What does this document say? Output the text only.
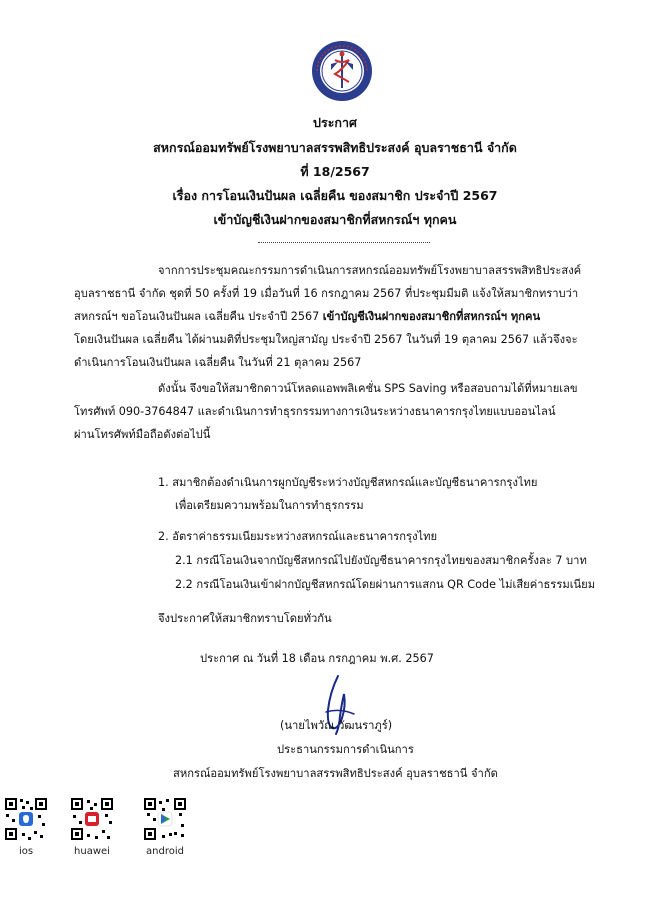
ประกาศ
สหกรณ์ออมทรัพย์โรงพยาบาลสรรพสิทธิประสงค์ อุบลราชธานี จำกัด
ที่ 18/2567
เรื่อง การโอนเงินปันผล เฉลี่ยคืน ของสมาชิก ประจำปี 2567
เข้าบัญชีเงินฝากของสมาชิกที่สหกรณ์ฯ ทุกคน
จากการประชุมคณะกรรมการดำเนินการสหกรณ์ออมทรัพย์โรงพยาบาลสรรพสิทธิประสงค์
อุบลราชธานี จำกัด ชุดที่ 50 ครั้งที่ 19 เมื่อวันที่ 16 กรกฎาคม 2567 ที่ประชุมมีมติ แจ้งให้สมาชิกทราบว่า
สหกรณ์ฯ ขอโอนเงินปันผล เฉลี่ยคืน ประจำปี 2567 เข้าบัญชีเงินฝากของสมาชิกที่สหกรณ์ฯ ทุกคน
โดยเงินปันผล เฉลี่ยคืน ได้ผ่านมติที่ประชุมใหญ่สามัญ ประจำปี 2567 ในวันที่ 19 ตุลาคม 2567 แล้วจึงจะ
ดำเนินการโอนเงินปันผล เฉลี่ยคืน ในวันที่ 21 ตุลาคม 2567
ดังนั้น จึงขอให้สมาชิกดาวน์โหลดแอพพลิเคชั่น SPS Saving หรือสอบถามได้ที่หมายเลข
โทรศัพท์ 090-3764847 และดำเนินการทำธุรกรรมทางการเงินระหว่างธนาคารกรุงไทยแบบออนไลน์
ผ่านโทรศัพท์มือถือดังต่อไปนี้
1. สมาชิกต้องดำเนินการผูกบัญชีระหว่างบัญชีสหกรณ์และบัญชีธนาคารกรุงไทย
เพื่อเตรียมความพร้อมในการทำธุรกรรม
2. อัตราค่าธรรมเนียมระหว่างสหกรณ์และธนาคารกรุงไทย
2.1 กรณีโอนเงินจากบัญชีสหกรณ์ไปยังบัญชีธนาคารกรุงไทยของสมาชิกครั้งละ 7 บาท
2.2 กรณีโอนเงินเข้าฝากบัญชีสหกรณ์โดยผ่านการแสกน QR Code ไม่เสียค่าธรรมเนียม
จึงประกาศให้สมาชิกทราบโดยทั่วกัน
ประกาศ ณ วันที่ 18 เดือน กรกฎาคม พ.ศ. 2567
(นายไพวัณ วัฒนราภูร์)
ประธานกรรมการดำเนินการ
สหกรณ์ออมทรัพย์โรงพยาบาลสรรพสิทธิประสงค์ อุบลราชธานี จำกัด
ios	huawei	android
